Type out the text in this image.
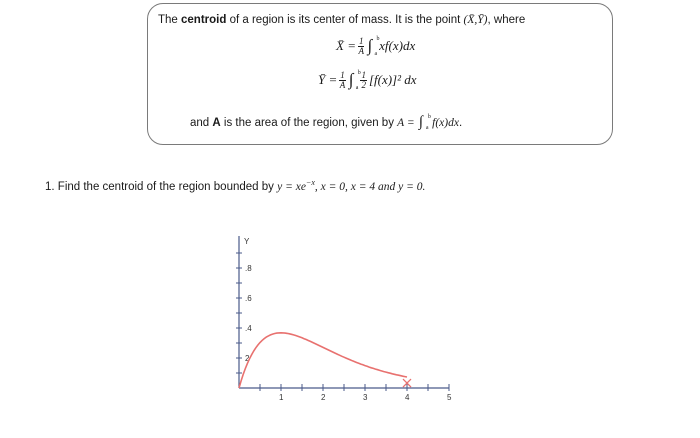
The centroid of a region is its center of mass. It is the point (X̄,Ȳ), where
X̄ = $\frac{1}{A}$ ∫ a
b xf(x)dx
Ȳ = $\frac{1}{A}$ ∫ a
b $\frac{1}{2} [f(x)]^2$ dx
and A is the area of the region, given by A = ∫ a
b f(x)dx.
1. Find the centroid of the region bounded by $y = xe^{-x}$, x = 0, x = 4 and y = 0.
.8
.6
.4
2
Y
1	2	3	4	5
